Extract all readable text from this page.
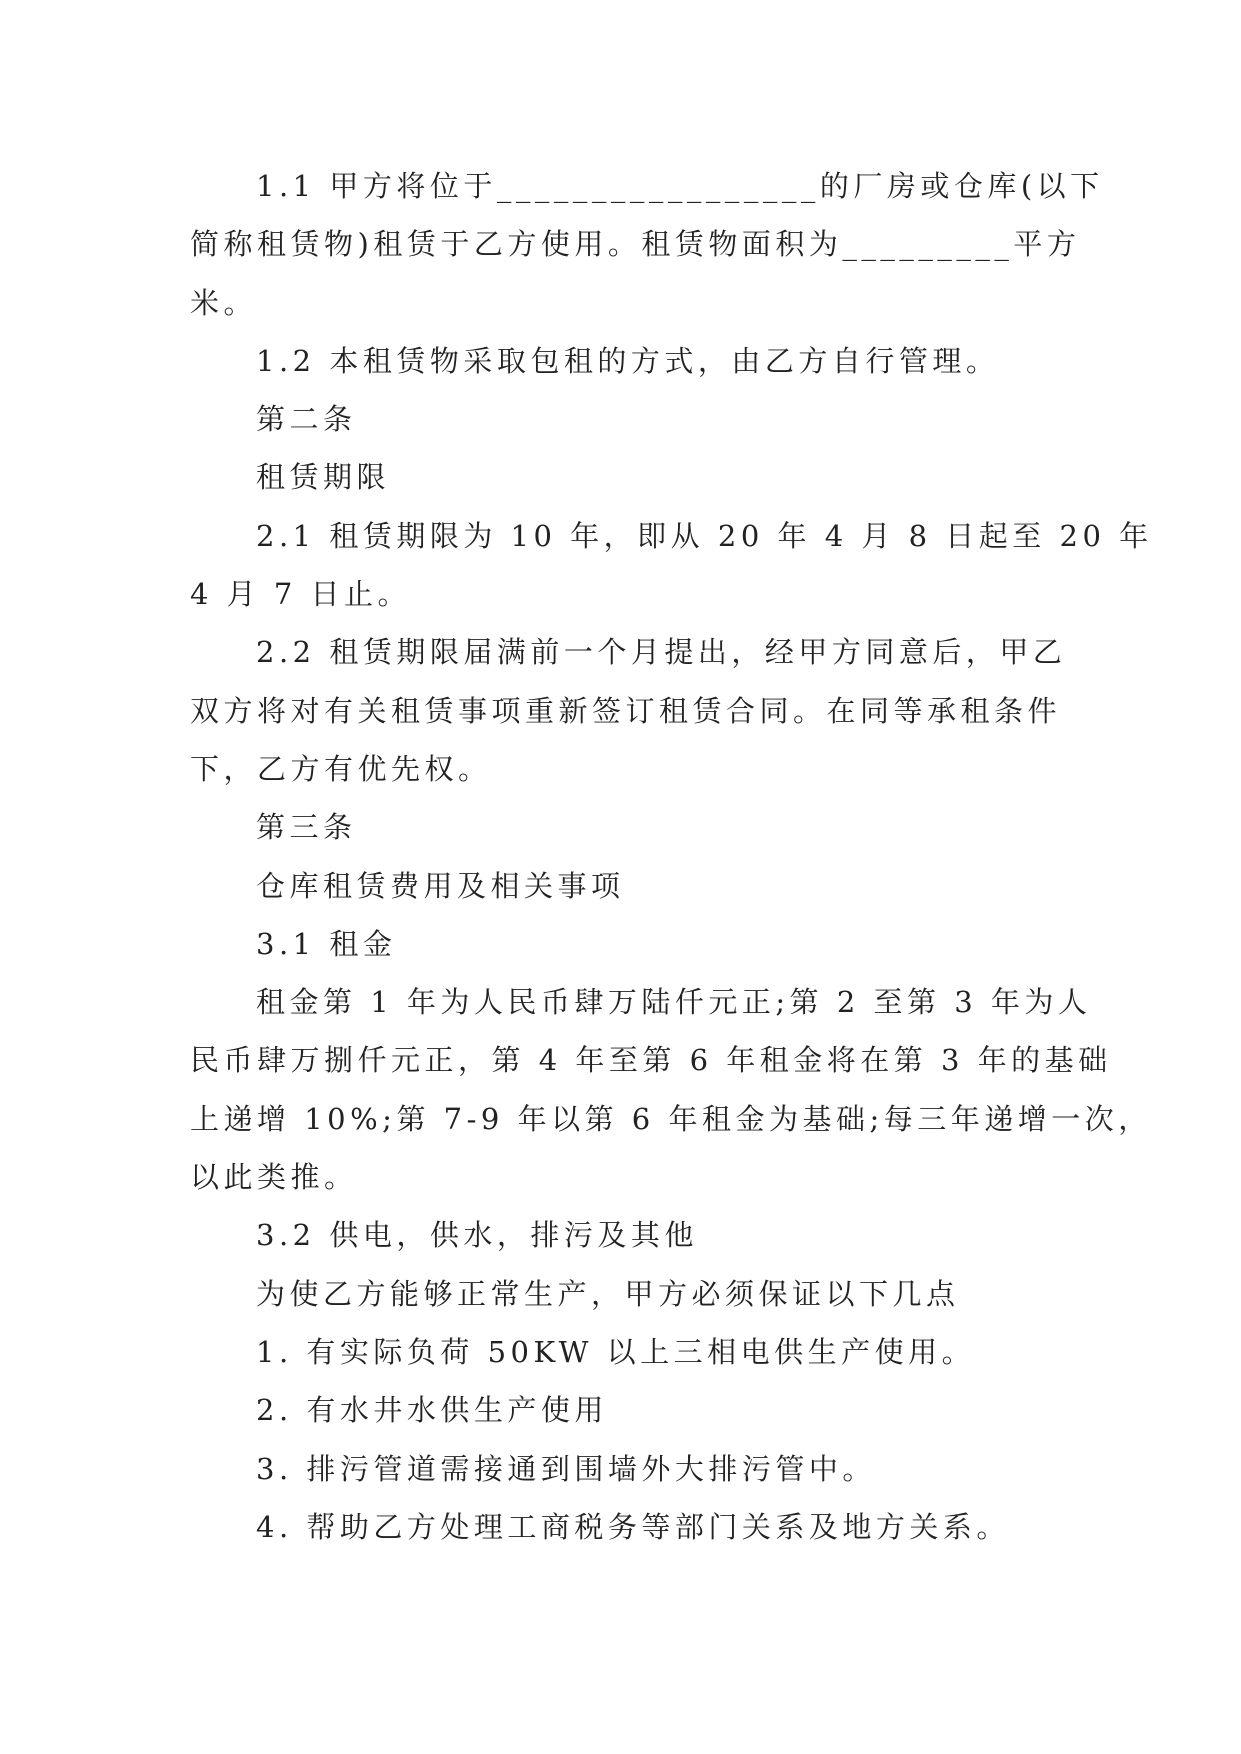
1.1 甲方将位于_________________的厂房或仓库(以下
简称租赁物)租赁于乙方使用。租赁物面积为_________平方
米。
1.2 本租赁物采取包租的方式，由乙方自行管理。
第二条
租赁期限
2.1 租赁期限为 10 年，即从 20 年 4 月 8 日起至 20 年
4 月 7 日止。
2.2 租赁期限届满前一个月提出，经甲方同意后，甲乙
双方将对有关租赁事项重新签订租赁合同。在同等承租条件
下，乙方有优先权。
第三条
仓库租赁费用及相关事项
3.1 租金
租金第 1 年为人民币肆万陆仟元正;第 2 至第 3 年为人
民币肆万捌仟元正，第 4 年至第 6 年租金将在第 3 年的基础
上递增 10%;第 7-9 年以第 6 年租金为基础;每三年递增一次，
以此类推。
3.2 供电，供水，排污及其他
为使乙方能够正常生产，甲方必须保证以下几点
1. 有实际负荷 50KW 以上三相电供生产使用。
2. 有水井水供生产使用
3. 排污管道需接通到围墙外大排污管中。
4. 帮助乙方处理工商税务等部门关系及地方关系。
